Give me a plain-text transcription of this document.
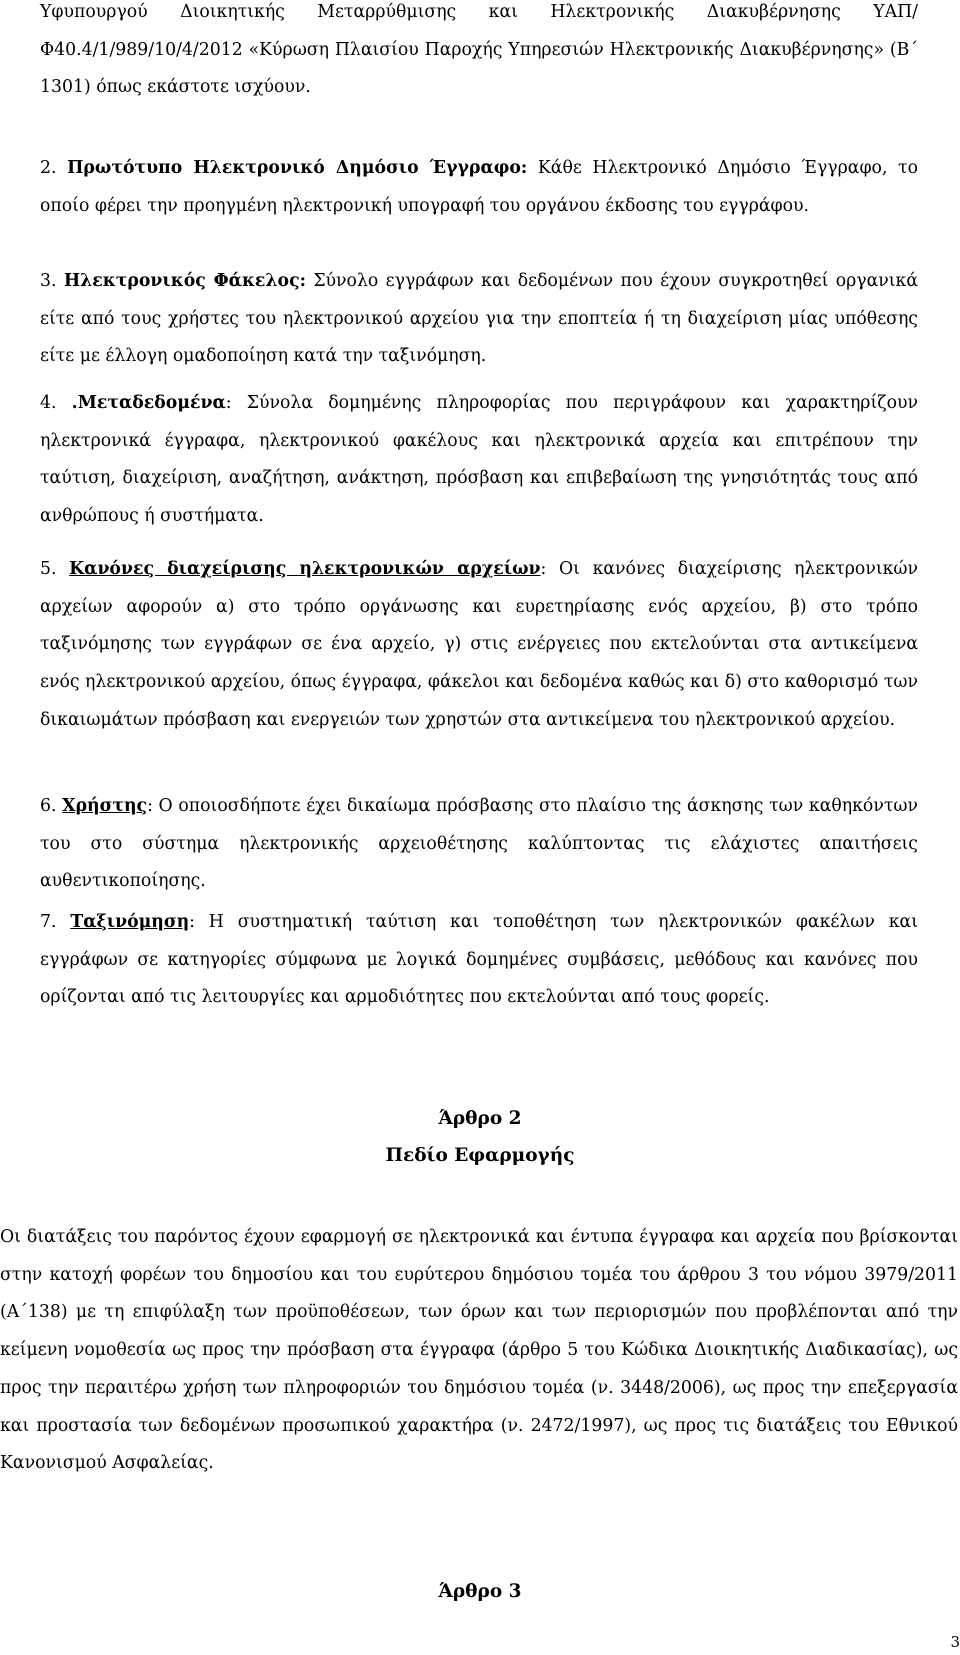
Υφυπουργού Διοικητικής Μεταρρύθμισης και Ηλεκτρονικής Διακυβέρνησης ΥΑΠ/Φ40.4/1/989/10/4/2012 «Κύρωση Πλαισίου Παροχής Υπηρεσιών Ηλεκτρονικής Διακυβέρνησης» (Β΄ 1301) όπως εκάστοτε ισχύουν.
2. Πρωτότυπο Ηλεκτρονικό Δημόσιο Έγγραφο: Κάθε Ηλεκτρονικό Δημόσιο Έγγραφο, το οποίο φέρει την προηγμένη ηλεκτρονική υπογραφή του οργάνου έκδοσης του εγγράφου.
3. Ηλεκτρονικός Φάκελος: Σύνολο εγγράφων και δεδομένων που έχουν συγκροτηθεί οργανικά είτε από τους χρήστες του ηλεκτρονικού αρχείου για την εποπτεία ή τη διαχείριση μίας υπόθεσης είτε με έλλογη ομαδοποίηση κατά την ταξινόμηση.
4. .Μεταδεδομένα: Σύνολα δομημένης πληροφορίας που περιγράφουν και χαρακτηρίζουν ηλεκτρονικά έγγραφα, ηλεκτρονικού φακέλους και ηλεκτρονικά αρχεία και επιτρέπουν την ταύτιση, διαχείριση, αναζήτηση, ανάκτηση, πρόσβαση και επιβεβαίωση της γνησιότητάς τους από ανθρώπους ή συστήματα.
5. Κανόνες διαχείρισης ηλεκτρονικών αρχείων: Οι κανόνες διαχείρισης ηλεκτρονικών αρχείων αφορούν α) στο τρόπο οργάνωσης και ευρετηρίασης ενός αρχείου, β) στο τρόπο ταξινόμησης των εγγράφων σε ένα αρχείο, γ) στις ενέργειες που εκτελούνται στα αντικείμενα ενός ηλεκτρονικού αρχείου, όπως έγγραφα, φάκελοι και δεδομένα καθώς και δ) στο καθορισμό των δικαιωμάτων πρόσβαση και ενεργειών των χρηστών στα αντικείμενα του ηλεκτρονικού αρχείου.
6. Χρήστης: Ο οποιοσδήποτε έχει δικαίωμα πρόσβασης στο πλαίσιο της άσκησης των καθηκόντων του στο σύστημα ηλεκτρονικής αρχειοθέτησης καλύπτοντας τις ελάχιστες απαιτήσεις αυθεντικοποίησης.
7. Ταξινόμηση: Η συστηματική ταύτιση και τοποθέτηση των ηλεκτρονικών φακέλων και εγγράφων σε κατηγορίες σύμφωνα με λογικά δομημένες συμβάσεις, μεθόδους και κανόνες που ορίζονται από τις λειτουργίες και αρμοδιότητες που εκτελούνται από τους φορείς.
Άρθρο 2
Πεδίο Εφαρμογής
Οι διατάξεις του παρόντος έχουν εφαρμογή σε ηλεκτρονικά και έντυπα έγγραφα και αρχεία που βρίσκονται στην κατοχή φορέων του δημοσίου και του ευρύτερου δημόσιου τομέα του άρθρου 3 του νόμου 3979/2011 (Α΄138) με τη επιφύλαξη των προϋποθέσεων, των όρων και των περιορισμών που προβλέπονται από την κείμενη νομοθεσία ως προς την πρόσβαση στα έγγραφα (άρθρο 5 του Κώδικα Διοικητικής Διαδικασίας), ως προς την περαιτέρω χρήση των πληροφοριών του δημόσιου τομέα (ν. 3448/2006), ως προς την επεξεργασία και προστασία των δεδομένων προσωπικού χαρακτήρα (ν. 2472/1997), ως προς τις διατάξεις του Εθνικού Κανονισμού Ασφαλείας.
Άρθρο 3
3
